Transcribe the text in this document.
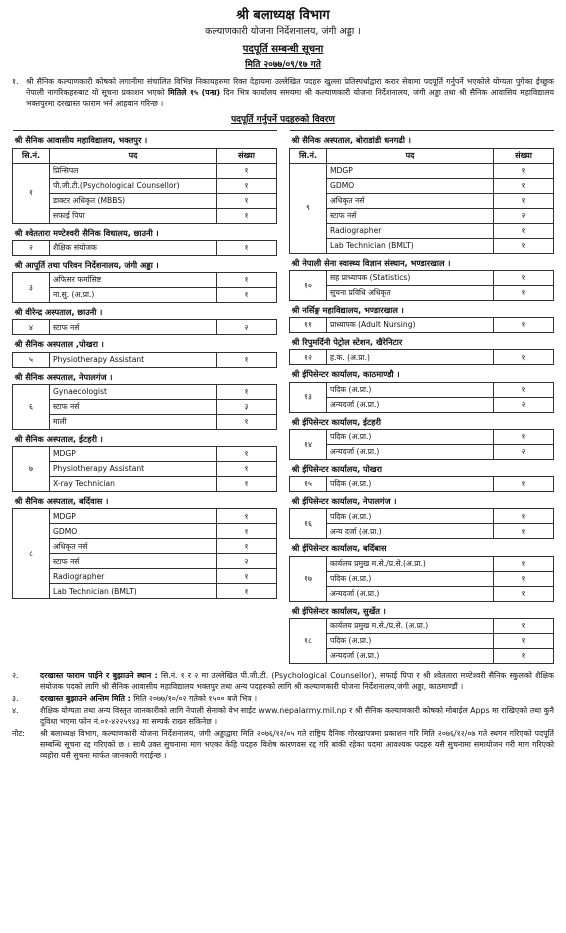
श्री बलाध्यक्ष विभाग
कल्याणकारी योजना निर्देशनालय, जंगी अड्डा ।
पदपूर्ति सम्बन्धी सूचना
मिति २०७७/०९/१७ गते
१. श्री सैनिक कल्याणकारी कोषको लगानीमा संचालित विभिन्न निकायहरुमा रिक्त देहायमा उल्लेखित पदहरु खुल्ला प्रतिस्पर्धाद्वारा करार सेवामा पदपूर्ति गर्नुपर्ने भएकोले योग्यता पुगेका ईच्छुक नेपाली नागरिकहरुबाट यो सूचना प्रकाशन भएको मितिले १५ (पन्ध्र) दिन भित्र कार्यालय समयमा श्री कल्याणकारी योजना निर्देशनालय, जंगी अड्डा तथा श्री सैनिक आवासिय महाविद्यालय भक्तपुरमा दरखास्त फाराम भर्न आहवान गरिन्छ ।
पदपूर्ति गर्नुपर्ने पदहरुको विवरण
श्री सैनिक आवासीय महाविद्यालय, भक्तपुर ।		
सि.नं.	पद	संख्या
१	प्रिन्सिपल	१
	पी.जी.टी.(Psychological Counsellor)	१
	डाक्टर अधिकृत (MBBS)	१
	सफाई पिपा	१
श्री श्वेततारा मण्टेश्वरी सैनिक विधालय, छाउनी ।		
२	शैक्षिक संयोजक	१
श्री आपूर्ति तथा परिवन निर्देशनालय, जंगी अड्डा ।		
३	अफिसर फर्मासिष्ट	१
	ना.सु. (अ.प्रा.)	१
श्री वीरेन्द्र अस्पताल, छाउनी ।		
४	स्टाफ नर्स	२
श्री सैनिक अस्पताल ,पोखरा ।		
५	Physiotherapy Assistant	१
श्री सैनिक अस्पताल, नेपालगंज ।		
६	Gynaecologist	१
	स्टाफ नर्स	३
	माली	१
श्री सैनिक अस्पताल, ईटहरी ।		
७	MDGP	१
	Physiotherapy Assistant	१
	X-ray Technician	१
श्री सैनिक अस्पताल, बर्दिवास ।		
८	MDGP	१
	GDMO	१
	अधिकृत नर्स	१
	स्टाफ नर्स	२
	Radiographer	१
	Lab Technician (BMLT)	१
श्री सैनिक अस्पताल, बोराडांडी धनगढी ।		
सि.नं.	पद	संख्या
९	MDGP	१
	GDMO	१
	अधिकृत नर्स	१
	स्टाफ नर्स	२
	Radiographer	१
	Lab Technician (BMLT)	१
श्री नेपाली सेना स्वास्थ्य विज्ञान संस्थान, भण्डारखाल ।		
१०	सह प्राध्यापक (Statistics)	१
	सूचना प्रविधि अधिकृत	१
श्री नर्सिङ्ग महाविद्यालय, भण्डारखाल ।		
११	प्राध्यापक (Adult Nursing)	१
श्री रिपुमर्दिनी पेट्रोल स्टेशन, खैरेनिटार		
१२	ह.क. (अ.प्रा.)	१
श्री ईपिसेन्टर कार्यालय, काठमाण्डौ ।		
१३	पदिक (अ.प्रा.)	१
	अन्यदर्जा (अ.प्रा.)	२
श्री ईपिसेन्टर कार्यालय, ईटहरी		
१४	पदिक (अ.प्रा.)	१
	अन्यदर्जा (अ.प्रा.)	२
श्री ईपिसेन्टर कार्यालय, पोखरा		
१५	पदिक (अ.प्रा.)	१
श्री ईपिसेन्टर कार्यालय, नेपालगंज ।		
१६	पदिक (अ.प्रा.)	१
	अन्य दर्जा (अ.प्रा.)	१
श्री ईपिसेन्टर कार्यालय, बर्दिबास		
१७	कार्यलय प्रमुख म.से./प्र.से.(अ.प्रा.)	१
	पदिक (अ.प्रा.)	१
	अन्यदर्जा (अ.प्रा.)	१
श्री ईपिसेन्टर कार्यालय, सुर्खेत ।		
१८	कार्यलय प्रमुख म.से./प्र.से. (अ.प्रा.)	१
	पदिक (अ.प्रा.)	१
	अन्यदर्जा (अ.प्रा.)	१
२.	दरखास्त फाराम पाईने र बुझाउने स्थान : सि.नं. १ र २ मा उल्लेखित पी.जी.टी. (Psychological Counsellor), सफाई पिपा र श्री श्वेततारा मण्टेश्वरी सैनिक स्कुलको शैक्षिक संयोजक पदको लागि श्री सैनिक आवासीय महाविद्यालय भक्तपुर तथा अन्य पदहरुको लागि श्री कल्याणकारी योजना निर्देशनालय,जंगी अड्डा, काठमाण्डौं ।
३.	दरखास्त बुझाउने अन्तिम मिति : मिति २०७७/१०/०२ गतेको १५०० बजे भित्र ।
४.	शैक्षिक योग्यता तथा अन्य विस्तृत जानकारीको लागि नेपाली सेनाको वेभ साईट www.nepalarmy.mil.np र श्री सैनिक कल्याणकारी कोषको मोबाईल Apps मा राखिएको तथा कुनै दुविधा भएमा फोन नं.०१-४२२५९४३ मा सम्पर्क राख्न सकिनेछ ।
नोट:	श्री बलाध्यक्ष विभाग, कल्याणकारी योजना निर्देशनालय, जंगी अड्डाद्वारा मिति २०७६/१२/०५ गते राष्ट्रिय दैनिक गोरखापत्रमा प्रकाशन गरि मिति २०७६/१२/०७ गते स्थगन गरिएको पदपूर्ति सम्बन्धि सूचना रद्द गरिएको छ । साथै उक्त सुचनामा माग भएका केहि पदहरु विशेष कारणवस रद्द गरि बाकी रहेका पदमा आवश्यक पदहरु यसै सुचनामा समायोजन गरी माग गरिएको व्यहोरा यसै सुचना मार्फत जानकारी गराईन्छ ।
